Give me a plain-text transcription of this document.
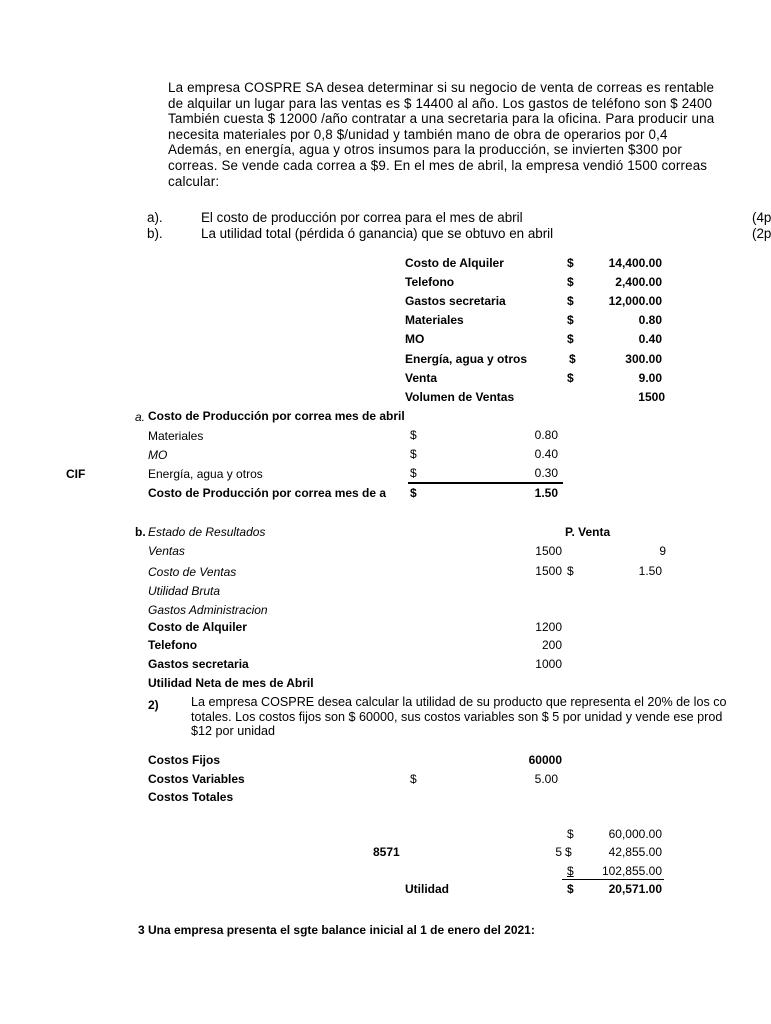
La empresa COSPRE SA desea determinar si su negocio de venta de correas es rentable
de alquilar un lugar para las ventas es $ 14400 al año. Los gastos de teléfono son $ 2400
También cuesta $ 12000 /año contratar a una secretaria para la oficina. Para producir una
necesita materiales por 0,8 $/unidad y también mano de obra de operarios por 0,4
Además, en energía, agua y otros insumos para la producción, se invierten $300 por
correas. Se vende cada correa a $9. En el mes de abril, la empresa vendió 1500 correas
calcular:
a).	El costo de producción por correa para el mes de abril	(4p
b).	La utilidad total (pérdida ó ganancia) que se obtuvo en abril	(2p
Costo de Alquiler	$	14,400.00
Telefono	$	2,400.00
Gastos secretaria	$	12,000.00
Materiales	$	0.80
MO	$	0.40
Energía, agua y otros	$	300.00
Venta	$	9.00
Volumen de Ventas	1500
a. Costo de Producción por correa mes de abril
Materiales	$	0.80
MO	$	0.40
CIF	Energía, agua y otros	$	0.30
Costo de Producción por correa mes de a $	1.50
b. Estado de Resultados	P. Venta
Ventas	1500	9
Costo de Ventas	1500 $	1.50
Utilidad Bruta
Gastos Administracion
Costo de Alquiler	1200
Telefono	200
Gastos secretaria	1000
Utilidad Neta de mes de Abril
2)	La empresa COSPRE desea calcular la utilidad de su producto que representa el 20% de los co
totales. Los costos fijos son $ 60000, sus costos variables son $ 5 por unidad y vende ese prod
$12 por unidad
Costos Fijos	60000
Costos Variables	$	5.00
Costos Totales
$	60,000.00
8571	5 $	42,855.00
$	102,855.00
Utilidad	$	20,571.00
3 Una empresa presenta el sgte balance inicial al 1 de enero del 2021:
